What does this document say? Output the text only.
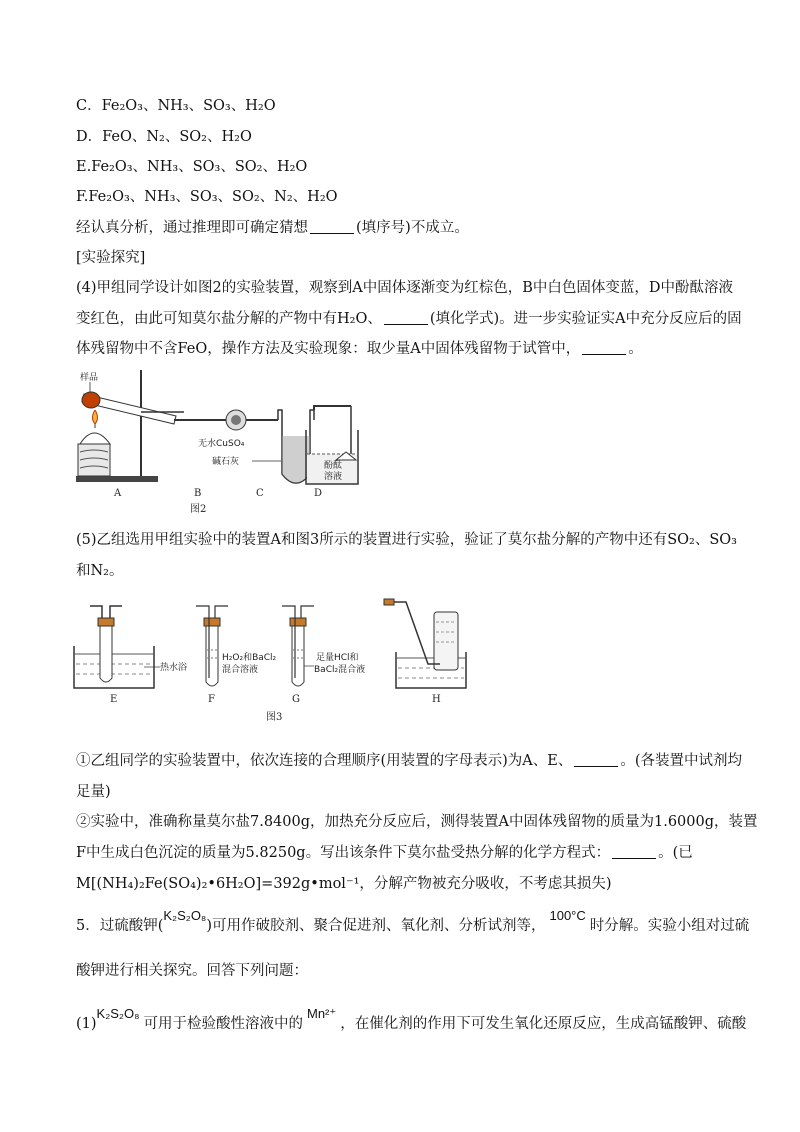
C．Fe₂O₃、NH₃、SO₃、H₂O
D．FeO、N₂、SO₂、H₂O
E.Fe₂O₃、NH₃、SO₃、SO₂、H₂O
F.Fe₂O₃、NH₃、SO₃、SO₂、N₂、H₂O
经认真分析，通过推理即可确定猜想	(填序号)不成立。
[实验探究]
(4)甲组同学设计如图2的实验装置，观察到A中固体逐渐变为红棕色，B中白色固体变蓝，D中酚酞溶液
变红色，由此可知莫尔盐分解的产物中有H₂O、	(填化学式)。进一步实验证实A中充分反应后的固
体残留物中不含FeO，操作方法及实验现象：取少量A中固体残留物于试管中，	。
样品
无水CuSO₄
碱石灰	酚酞
溶液
A	B	C	D
图2
(5)乙组选用甲组实验中的装置A和图3所示的装置进行实验，验证了莫尔盐分解的产物中还有SO₂、SO₃
和N₂。
热水浴
E
H₂O₂和BaCl₂
混合溶液
F
足量HCl和
BaCl₂混合液
G	H
图3
①乙组同学的实验装置中，依次连接的合理顺序(用装置的字母表示)为A、E、	。(各装置中试剂均
足量)
②实验中，准确称量莫尔盐7.8400g，加热充分反应后，测得装置A中固体残留物的质量为1.6000g，装置
F中生成白色沉淀的质量为5.8250g。写出该条件下莫尔盐受热分解的化学方程式：	。(已
M[(NH₄)₂Fe(SO₄)₂•6H₂O]=392g•mol⁻¹，分解产物被充分吸收，不考虑其损失)
5．过硫酸钾(K₂S₂O₈)可用作破胶剂、聚合促进剂、氧化剂、分析试剂等，100°C时分解。实验小组对过硫
酸钾进行相关探究。回答下列问题：
(1)K₂S₂O₈可用于检验酸性溶液中的Mn²⁺，在催化剂的作用下可发生氧化还原反应，生成高锰酸钾、硫酸
